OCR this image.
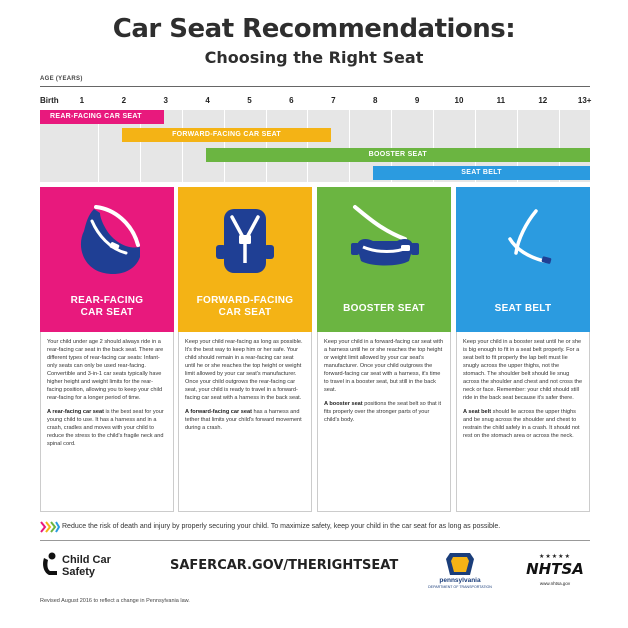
Car Seat Recommendations:
Choosing the Right Seat
AGE (YEARS)
Birth	1	2	3	4	5	6	7	8	9	10	11	12	13+
REAR-FACING CAR SEAT
FORWARD-FACING CAR SEAT
BOOSTER SEAT
SEAT BELT
REAR-FACING
CAR SEAT
FORWARD-FACING
CAR SEAT	BOOSTER SEAT	SEAT BELT

Your child under age 2 should always ride in a rear-facing car seat in the back seat. There are different types of rear-facing car seats: Infant-only seats can only be used rear-facing. Convertible and 3-in-1 car seats typically have higher height and weight limits for the rear-facing position, allowing you to keep your child rear-facing for a longer period of time.

A rear-facing car seat is the best seat for your young child to use. It has a harness and in a crash, cradles and moves with your child to reduce the stress to the child's fragile neck and spinal cord.

Keep your child rear-facing as long as possible. It's the best way to keep him or her safe. Your child should remain in a rear-facing car seat until he or she reaches the top height or weight limit allowed by your car seat's manufacturer. Once your child outgrows the rear-facing car seat, your child is ready to travel in a forward-facing car seat with a harness in the back seat.

A forward-facing car seat has a harness and tether that limits your child's forward movement during a crash.

Keep your child in a forward-facing car seat with a harness until he or she reaches the top height or weight limit allowed by your car seat's manufacturer. Once your child outgrows the forward-facing car seat with a harness, it's time to travel in a booster seat, but still in the back seat.

A booster seat positions the seat belt so that it fits properly over the stronger parts of your child's body.

Keep your child in a booster seat until he or she is big enough to fit in a seat belt properly. For a seat belt to fit properly the lap belt must lie snugly across the upper thighs, not the stomach. The shoulder belt should lie snug across the shoulder and chest and not cross the neck or face. Remember: your child should still ride in the back seat because it's safer there.

A seat belt should lie across the upper thighs and be snug across the shoulder and chest to restrain the child safely in a crash. It should not rest on the stomach area or across the neck.

Reduce the risk of death and injury by properly securing your child. To maximize safety, keep your child in the car seat for as long as possible.
Child Car
Safety	SAFERCAR.GOV/THERIGHTSEAT
pennsylvania
DEPARTMENT OF TRANSPORTATION
★★★★★
NHTSA
www.nhtsa.gov
Revised August 2016 to reflect a change in Pennsylvania law.
